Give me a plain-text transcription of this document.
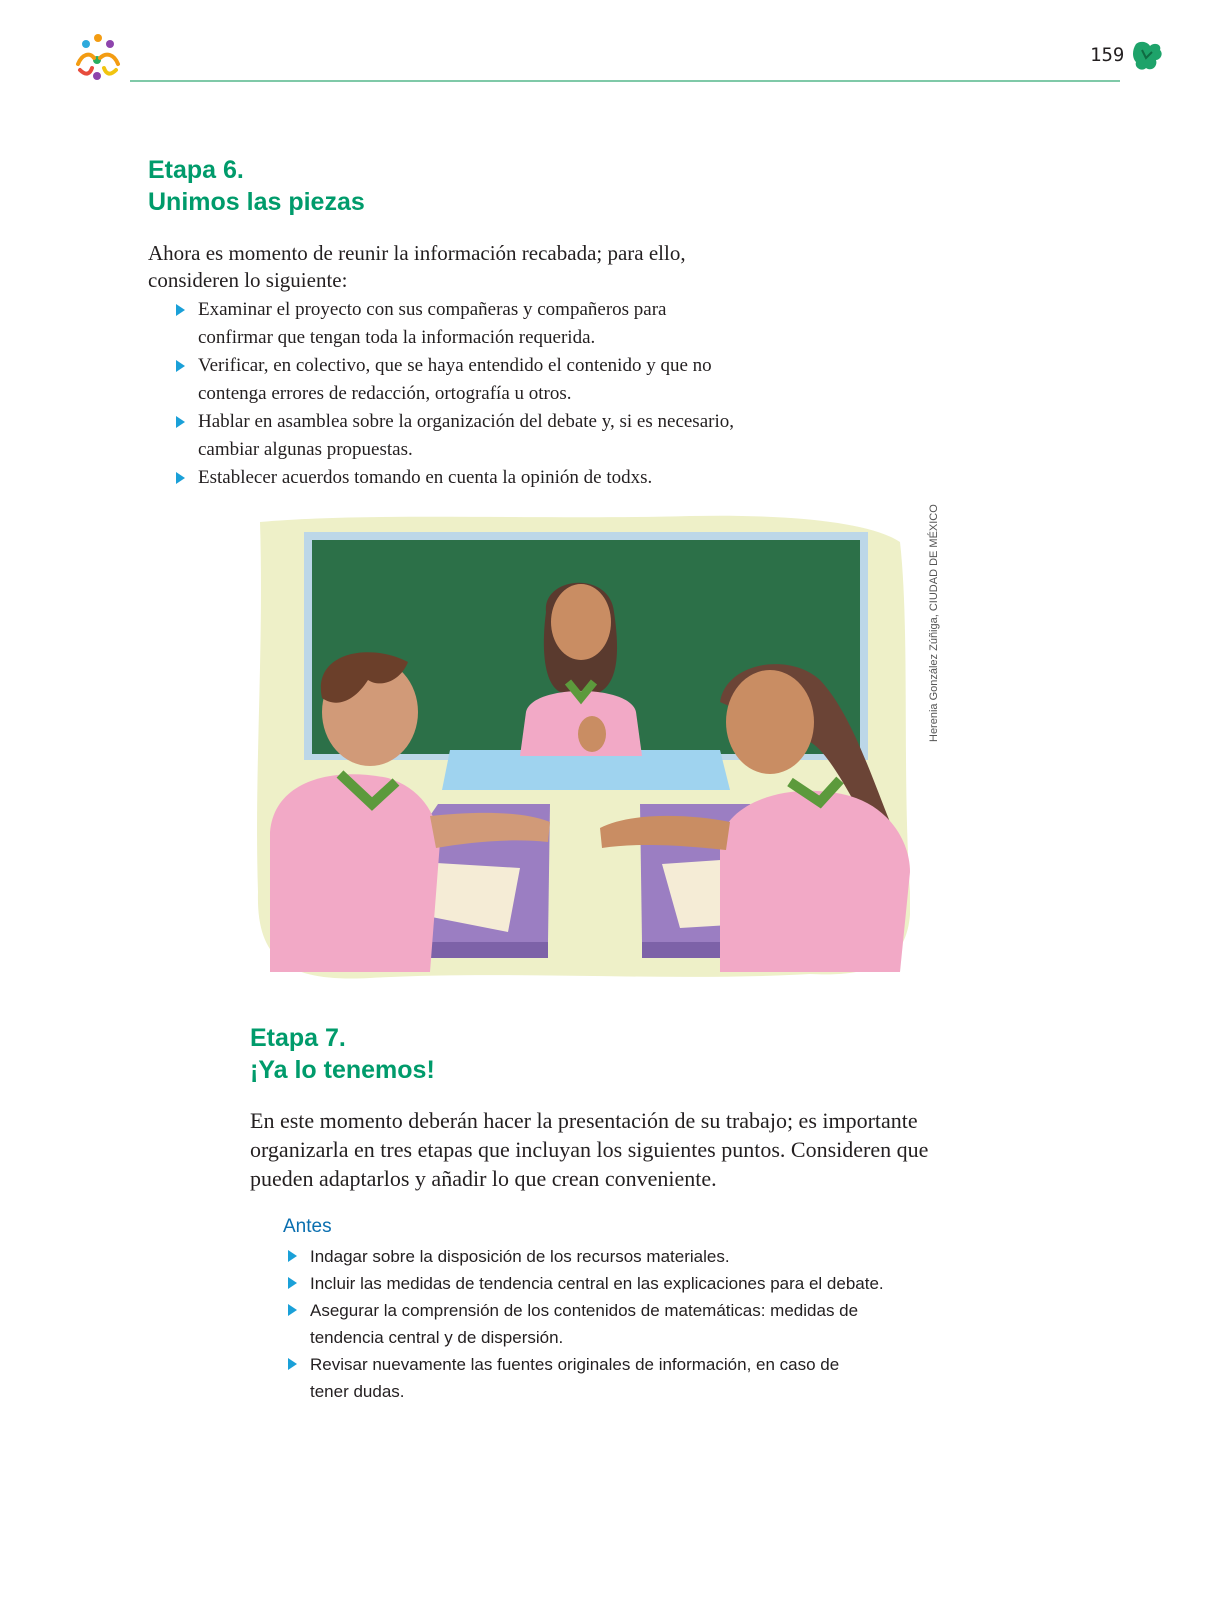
159
Etapa 6.
Unimos las piezas

Ahora es momento de reunir la información recabada; para ello, consideren lo siguiente:

Examinar el proyecto con sus compañeras y compañeros para confirmar que tengan toda la información requerida.
Verificar, en colectivo, que se haya entendido el contenido y que no contenga errores de redacción, ortografía u otros.
Hablar en asamblea sobre la organización del debate y, si es necesario, cambiar algunas propuestas.
Establecer acuerdos tomando en cuenta la opinión de todxs.
Herenia González Zúñiga, CIUDAD DE MÉXICO
Etapa 7.
¡Ya lo tenemos!

En este momento deberán hacer la presentación de su trabajo; es importante organizarla en tres etapas que incluyan los siguientes puntos. Consideren que pueden adaptarlos y añadir lo que crean conveniente.

Antes

Indagar sobre la disposición de los recursos materiales.
Incluir las medidas de tendencia central en las explicaciones para el debate.
Asegurar la comprensión de los contenidos de matemáticas: medidas de tendencia central y de dispersión.
Revisar nuevamente las fuentes originales de información, en caso de tener dudas.
